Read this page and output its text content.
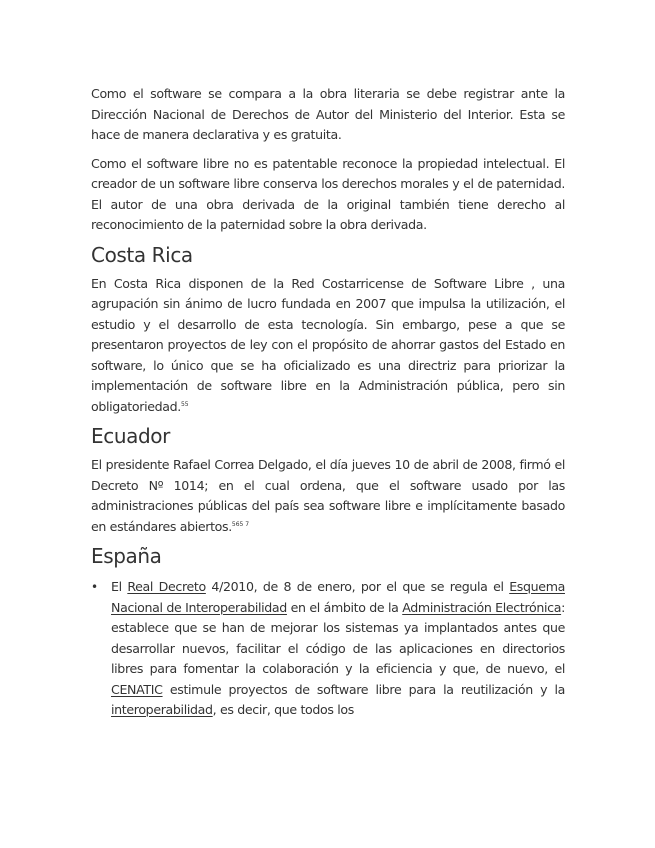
Como el software se compara a la obra literaria se debe registrar ante la Dirección Nacional de Derechos de Autor del Ministerio del Interior. Esta se hace de manera declarativa y es gratuita.

Como el software libre no es patentable reconoce la propiedad intelectual. El creador de un software libre conserva los derechos morales y el de paternidad. El autor de una obra derivada de la original también tiene derecho al reconocimiento de la paternidad sobre la obra derivada.

Costa Rica

En Costa Rica disponen de la Red Costarricense de Software Libre , una agrupación sin ánimo de lucro fundada en 2007 que impulsa la utilización, el estudio y el desarrollo de esta tecnología. Sin embargo, pese a que se presentaron proyectos de ley con el propósito de ahorrar gastos del Estado en software, lo único que se ha oficializado es una directriz para priorizar la implementación de software libre en la Administración pública, pero sin obligatoriedad.$^{55}$

Ecuador

El presidente Rafael Correa Delgado, el día jueves 10 de abril de 2008, firmó el Decreto Nº 1014; en el cual ordena, que el software usado por las administraciones públicas del país sea software libre e implícitamente basado en estándares abiertos.$^{565 7}$

España
• El Real Decreto 4/2010, de 8 de enero, por el que se regula el Esquema Nacional de Interoperabilidad en el ámbito de la Administración Electrónica: establece que se han de mejorar los sistemas ya implantados antes que desarrollar nuevos, facilitar el código de las aplicaciones en directorios libres para fomentar la colaboración y la eficiencia y que, de nuevo, el CENATIC estimule proyectos de software libre para la reutilización y la interoperabilidad, es decir, que todos los
